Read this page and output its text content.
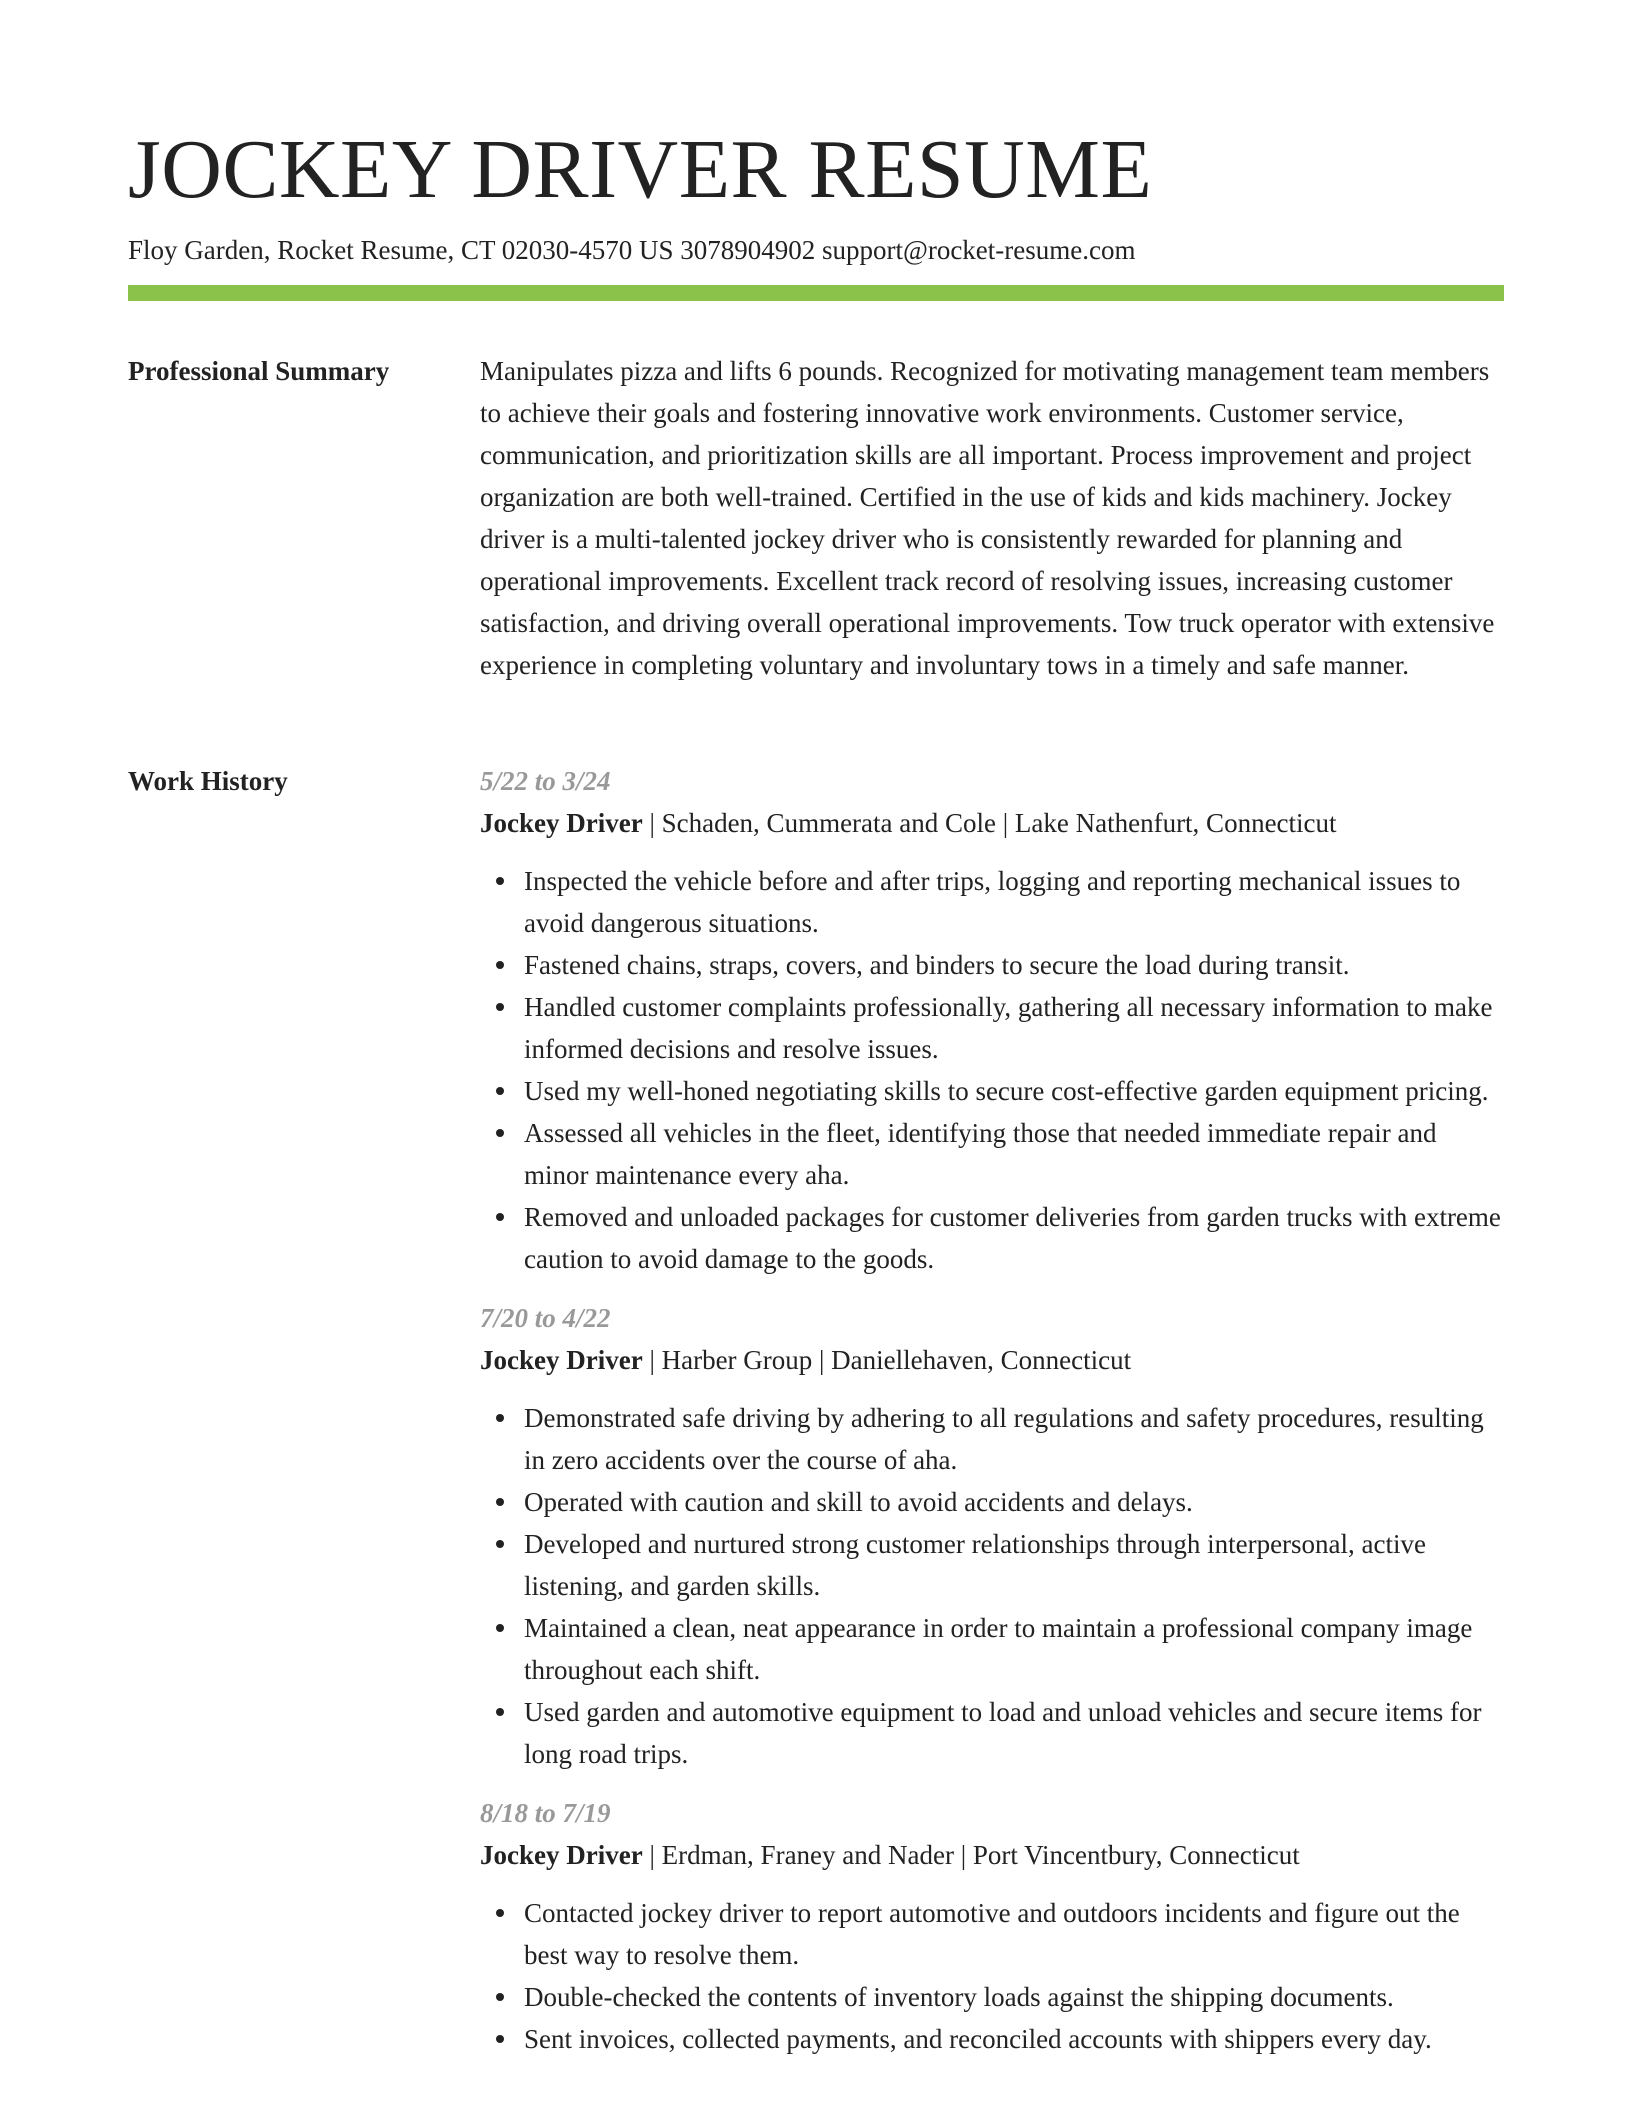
JOCKEY DRIVER RESUME
Floy Garden, Rocket Resume, CT 02030-4570 US 3078904902 support@rocket-resume.com
Professional Summary	Manipulates pizza and lifts 6 pounds. Recognized for motivating management team members to achieve their goals and fostering innovative work environments. Customer service, communication, and prioritization skills are all important. Process improvement and project organization are both well-trained. Certified in the use of kids and kids machinery. Jockey driver is a multi-talented jockey driver who is consistently rewarded for planning and operational improvements. Excellent track record of resolving issues, increasing customer satisfaction, and driving overall operational improvements. Tow truck operator with extensive experience in completing voluntary and involuntary tows in a timely and safe manner.

Work History	5/22 to 3/24
Jockey Driver | Schaden, Cummerata and Cole | Lake Nathenfurt, Connecticut
Inspected the vehicle before and after trips, logging and reporting mechanical issues to avoid dangerous situations.
Fastened chains, straps, covers, and binders to secure the load during transit.
Handled customer complaints professionally, gathering all necessary information to make informed decisions and resolve issues.
Used my well-honed negotiating skills to secure cost-effective garden equipment pricing.
Assessed all vehicles in the fleet, identifying those that needed immediate repair and minor maintenance every aha.
Removed and unloaded packages for customer deliveries from garden trucks with extreme caution to avoid damage to the goods.
7/20 to 4/22
Jockey Driver | Harber Group | Daniellehaven, Connecticut
Demonstrated safe driving by adhering to all regulations and safety procedures, resulting in zero accidents over the course of aha.
Operated with caution and skill to avoid accidents and delays.
Developed and nurtured strong customer relationships through interpersonal, active listening, and garden skills.
Maintained a clean, neat appearance in order to maintain a professional company image throughout each shift.
Used garden and automotive equipment to load and unload vehicles and secure items for long road trips.
8/18 to 7/19
Jockey Driver | Erdman, Franey and Nader | Port Vincentbury, Connecticut
Contacted jockey driver to report automotive and outdoors incidents and figure out the best way to resolve them.
Double-checked the contents of inventory loads against the shipping documents.
Sent invoices, collected payments, and reconciled accounts with shippers every day.
